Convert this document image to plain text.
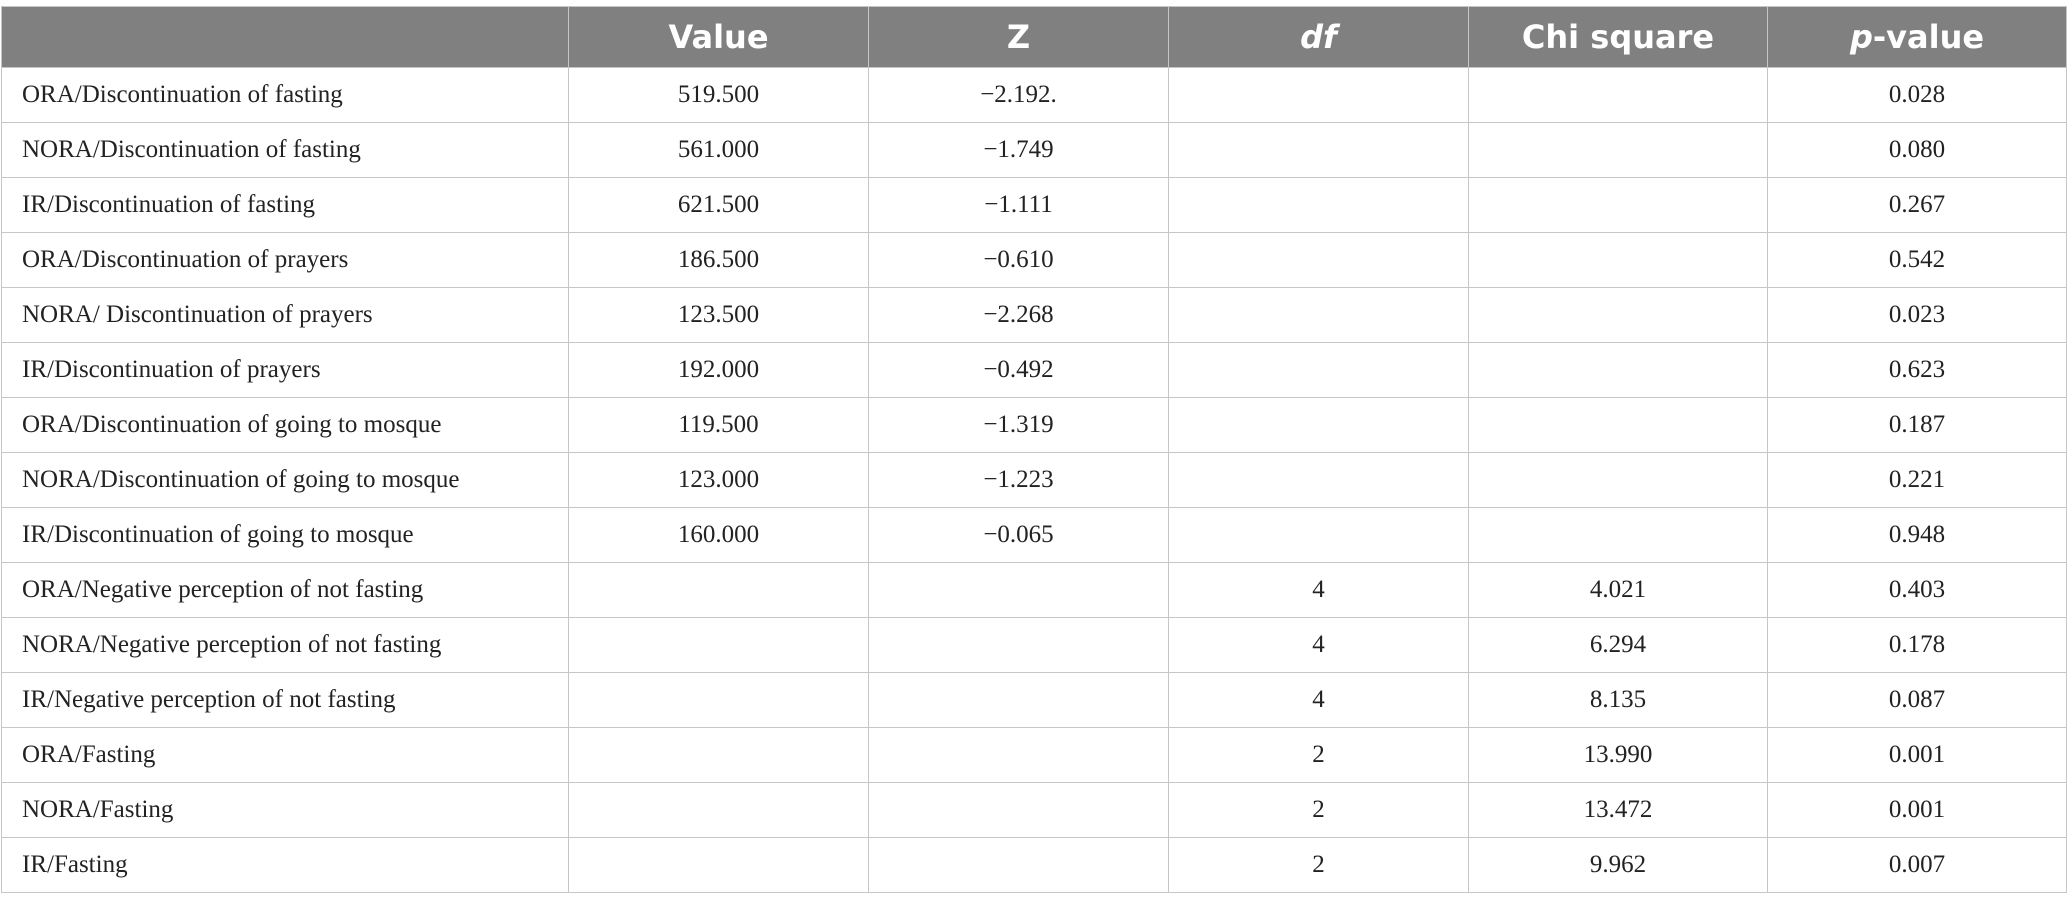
	Value	Z	df	Chi square	p-value
ORA/Discontinuation of fasting	519.500	−2.192.			0.028
NORA/Discontinuation of fasting	561.000	−1.749			0.080
IR/Discontinuation of fasting	621.500	−1.111			0.267
ORA/Discontinuation of prayers	186.500	−0.610			0.542
NORA/ Discontinuation of prayers	123.500	−2.268			0.023
IR/Discontinuation of prayers	192.000	−0.492			0.623
ORA/Discontinuation of going to mosque	119.500	−1.319			0.187
NORA/Discontinuation of going to mosque	123.000	−1.223			0.221
IR/Discontinuation of going to mosque	160.000	−0.065			0.948
ORA/Negative perception of not fasting			4	4.021	0.403
NORA/Negative perception of not fasting			4	6.294	0.178
IR/Negative perception of not fasting			4	8.135	0.087
ORA/Fasting			2	13.990	0.001
NORA/Fasting			2	13.472	0.001
IR/Fasting			2	9.962	0.007
